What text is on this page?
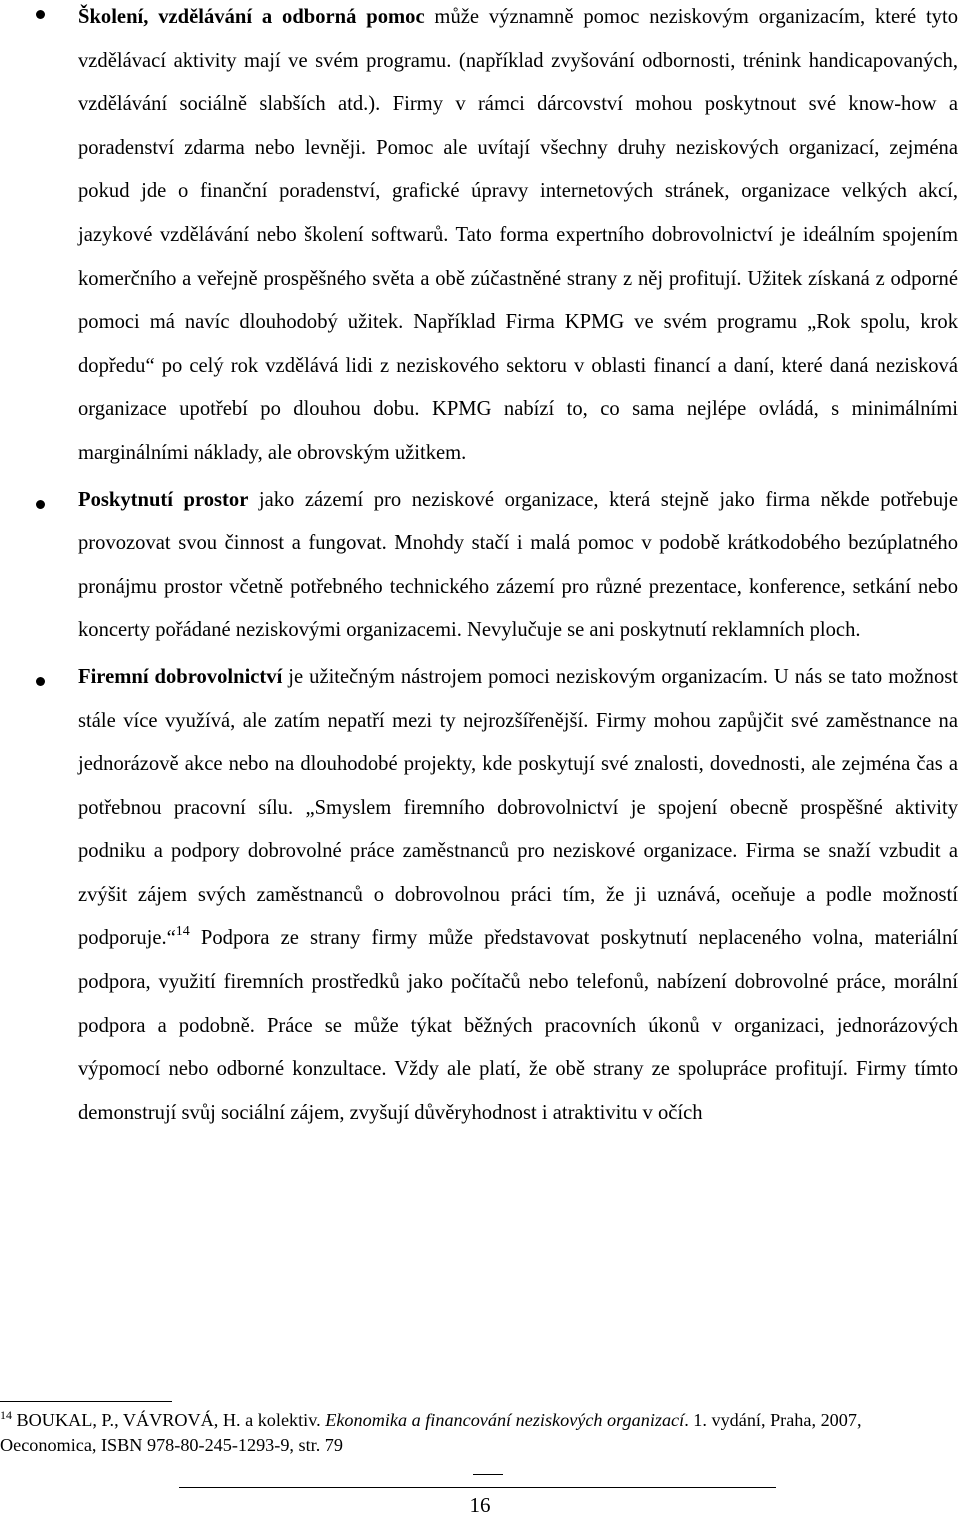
Školení, vzdělávání a odborná pomoc může významně pomoc neziskovým organizacím, které tyto vzdělávací aktivity mají ve svém programu. (například zvyšování odbornosti, trénink handicapovaných, vzdělávání sociálně slabších atd.). Firmy v rámci dárcovství mohou poskytnout své know-how a poradenství zdarma nebo levněji. Pomoc ale uvítají všechny druhy neziskových organizací, zejména pokud jde o finanční poradenství, grafické úpravy internetových stránek, organizace velkých akcí, jazykové vzdělávání nebo školení softwarů. Tato forma expertního dobrovolnictví je ideálním spojením komerčního a veřejně prospěšného světa a obě zúčastněné strany z něj profitují. Užitek získaná z odporné pomoci má navíc dlouhodobý užitek. Například Firma KPMG ve svém programu „Rok spolu, krok dopředu“ po celý rok vzdělává lidi z neziskového sektoru v oblasti financí a daní, které daná nezisková organizace upotřebí po dlouhou dobu. KPMG nabízí to, co sama nejlépe ovládá, s minimálními marginálními náklady, ale obrovským užitkem.

Poskytnutí prostor jako zázemí pro neziskové organizace, která stejně jako firma někde potřebuje provozovat svou činnost a fungovat. Mnohdy stačí i malá pomoc v podobě krátkodobého bezúplatného pronájmu prostor včetně potřebného technického zázemí pro různé prezentace, konference, setkání nebo koncerty pořádané neziskovými organizacemi. Nevylučuje se ani poskytnutí reklamních ploch.

Firemní dobrovolnictví je užitečným nástrojem pomoci neziskovým organizacím. U nás se tato možnost stále více využívá, ale zatím nepatří mezi ty nejrozšířenější. Firmy mohou zapůjčit své zaměstnance na jednorázově akce nebo na dlouhodobé projekty, kde poskytují své znalosti, dovednosti, ale zejména čas a potřebnou pracovní sílu. „Smyslem firemního dobrovolnictví je spojení obecně prospěšné aktivity podniku a podpory dobrovolné práce zaměstnanců pro neziskové organizace. Firma se snaží vzbudit a zvýšit zájem svých zaměstnanců o dobrovolnou práci tím, že ji uznává, oceňuje a podle možností podporuje.“$^{14}$ Podpora ze strany firmy může představovat poskytnutí neplaceného volna, materiální podpora, využití firemních prostředků jako počítačů nebo telefonů, nabízení dobrovolné práce, morální podpora a podobně. Práce se může týkat běžných pracovních úkonů v organizaci, jednorázových výpomocí nebo odborné konzultace. Vždy ale platí, že obě strany ze spolupráce profitují. Firmy tímto demonstrují svůj sociální zájem, zvyšují důvěryhodnost i atraktivitu v očích

$^{14}$ BOUKAL, P., VÁVROVÁ, H. a kolektiv. Ekonomika a financování neziskových organizací. 1. vydání, Praha, 2007, Oeconomica, ISBN 978-80-245-1293-9, str. 79
16
